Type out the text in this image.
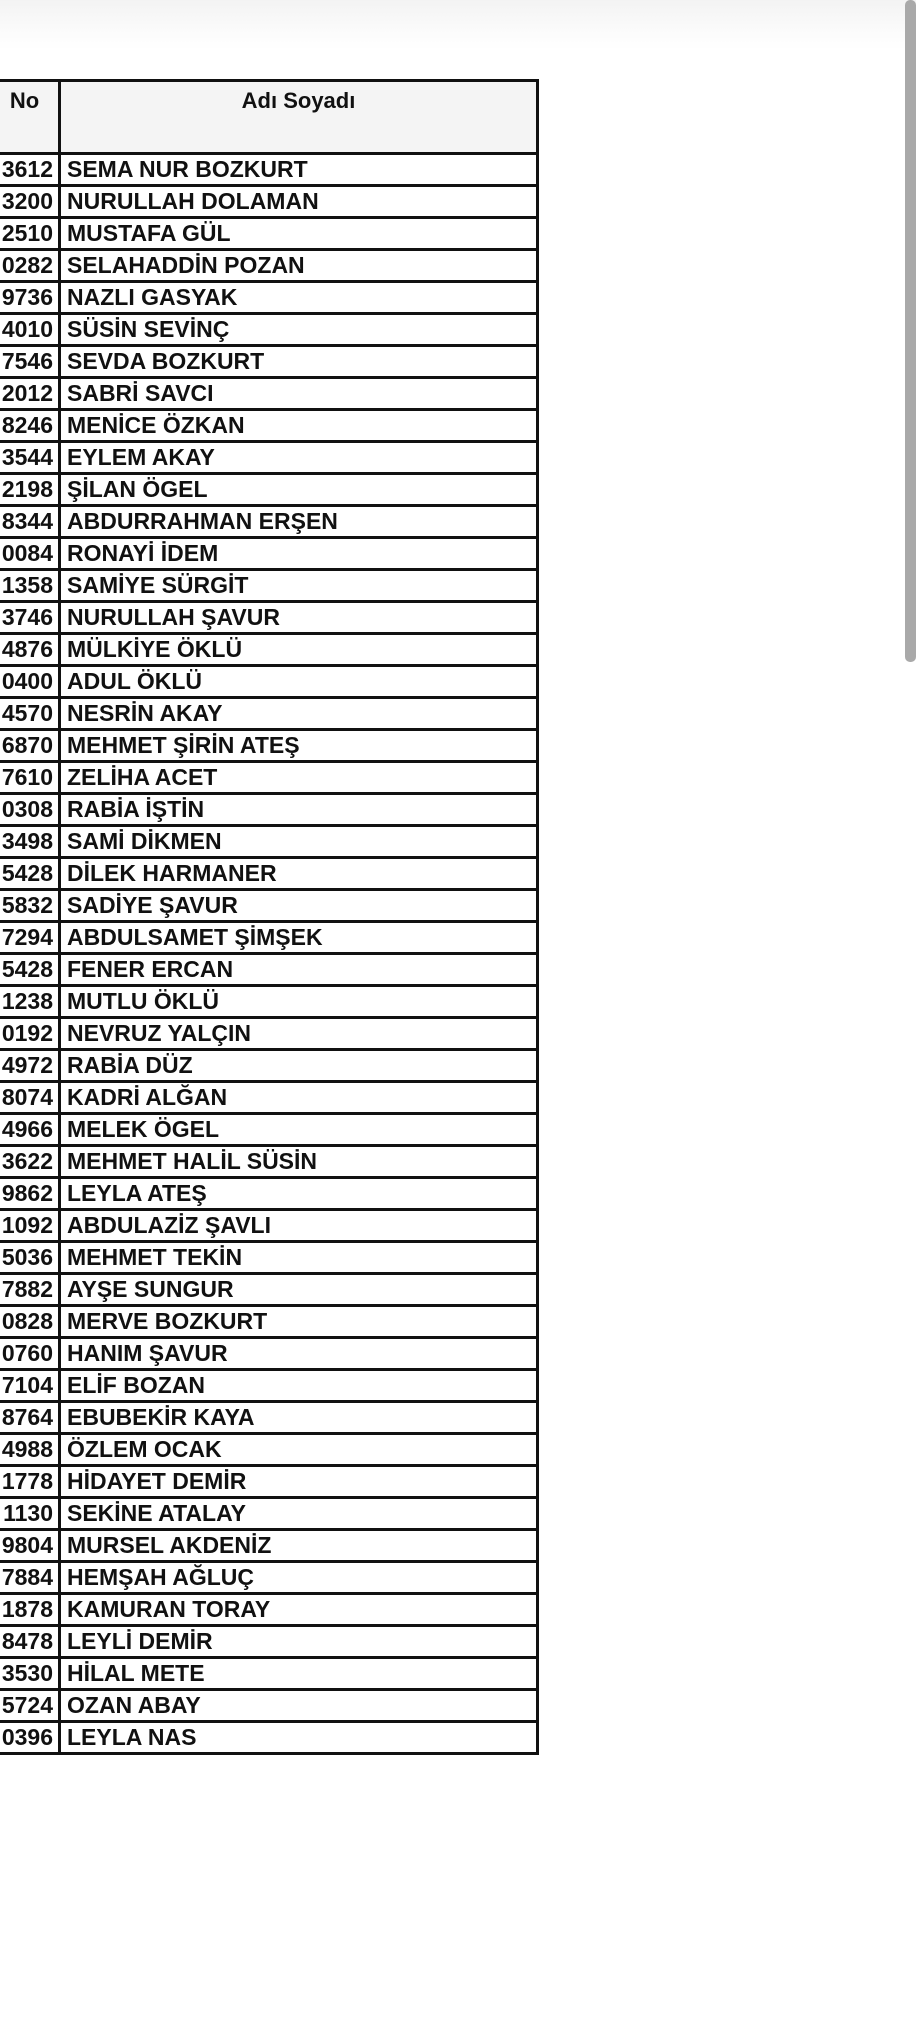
No	Adı Soyadı
3612	SEMA NUR BOZKURT
3200	NURULLAH DOLAMAN
2510	MUSTAFA GÜL
0282	SELAHADDİN POZAN
9736	NAZLI GASYAK
4010	SÜSİN SEVİNÇ
7546	SEVDA BOZKURT
2012	SABRİ SAVCI
8246	MENİCE ÖZKAN
3544	EYLEM AKAY
2198	ŞİLAN ÖGEL
8344	ABDURRAHMAN ERŞEN
0084	RONAYİ İDEM
1358	SAMİYE SÜRGİT
3746	NURULLAH ŞAVUR
4876	MÜLKİYE ÖKLÜ
0400	ADUL ÖKLÜ
4570	NESRİN AKAY
6870	MEHMET ŞİRİN ATEŞ
7610	ZELİHA ACET
0308	RABİA İŞTİN
3498	SAMİ DİKMEN
5428	DİLEK HARMANER
5832	SADİYE ŞAVUR
7294	ABDULSAMET ŞİMŞEK
5428	FENER ERCAN
1238	MUTLU ÖKLÜ
0192	NEVRUZ YALÇIN
4972	RABİA DÜZ
8074	KADRİ ALĞAN
4966	MELEK ÖGEL
3622	MEHMET HALİL SÜSİN
9862	LEYLA ATEŞ
1092	ABDULAZİZ ŞAVLI
5036	MEHMET TEKİN
7882	AYŞE SUNGUR
0828	MERVE BOZKURT
0760	HANIM ŞAVUR
7104	ELİF BOZAN
8764	EBUBEKİR KAYA
4988	ÖZLEM OCAK
1778	HİDAYET DEMİR
1130	SEKİNE ATALAY
9804	MURSEL AKDENİZ
7884	HEMŞAH AĞLUÇ
1878	KAMURAN TORAY
8478	LEYLİ DEMİR
3530	HİLAL METE
5724	OZAN ABAY
0396	LEYLA NAS
